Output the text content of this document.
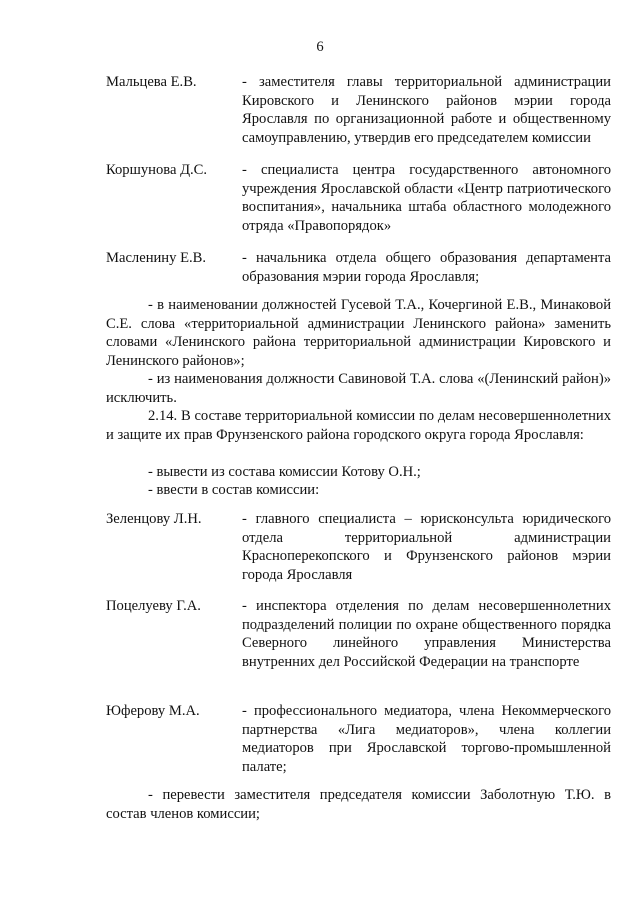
6
Мальцева Е.В.	- заместителя главы территориальной администрации Кировского и Ленинского районов мэрии города Ярославля по организационной работе и общественному самоуправлению, утвердив его председателем комиссии
Коршунова Д.С.	- специалиста центра государственного автономного учреждения Ярославской области «Центр патриотического воспитания», начальника штаба областного молодежного отряда «Правопорядок»
Масленину Е.В.	- начальника отдела общего образования департамента образования мэрии города Ярославля;
- в наименовании должностей Гусевой Т.А., Кочергиной Е.В., Минаковой С.Е. слова «территориальной администрации Ленинского района» заменить словами «Ленинского района территориальной администрации Кировского и Ленинского районов»;
- из наименования должности Савиновой Т.А. слова «(Ленинский район)» исключить.
2.14. В составе территориальной комиссии по делам несовершеннолетних и защите их прав Фрунзенского района городского округа города Ярославля:
- вывести из состава комиссии Котову О.Н.;
- ввести в состав комиссии:
Зеленцову Л.Н.	- главного специалиста – юрисконсульта юридического отдела территориальной администрации Красноперекопского и Фрунзенского районов мэрии города Ярославля
Поцелуеву Г.А.	- инспектора отделения по делам несовершеннолетних подразделений полиции по охране общественного порядка Северного линейного управления Министерства внутренних дел Российской Федерации на транспорте
Юферову М.А.	- профессионального медиатора, члена Некоммерческого партнерства «Лига медиаторов», члена коллегии медиаторов при Ярославской торгово-промышленной палате;
- перевести заместителя председателя комиссии Заболотную Т.Ю. в состав членов комиссии;
